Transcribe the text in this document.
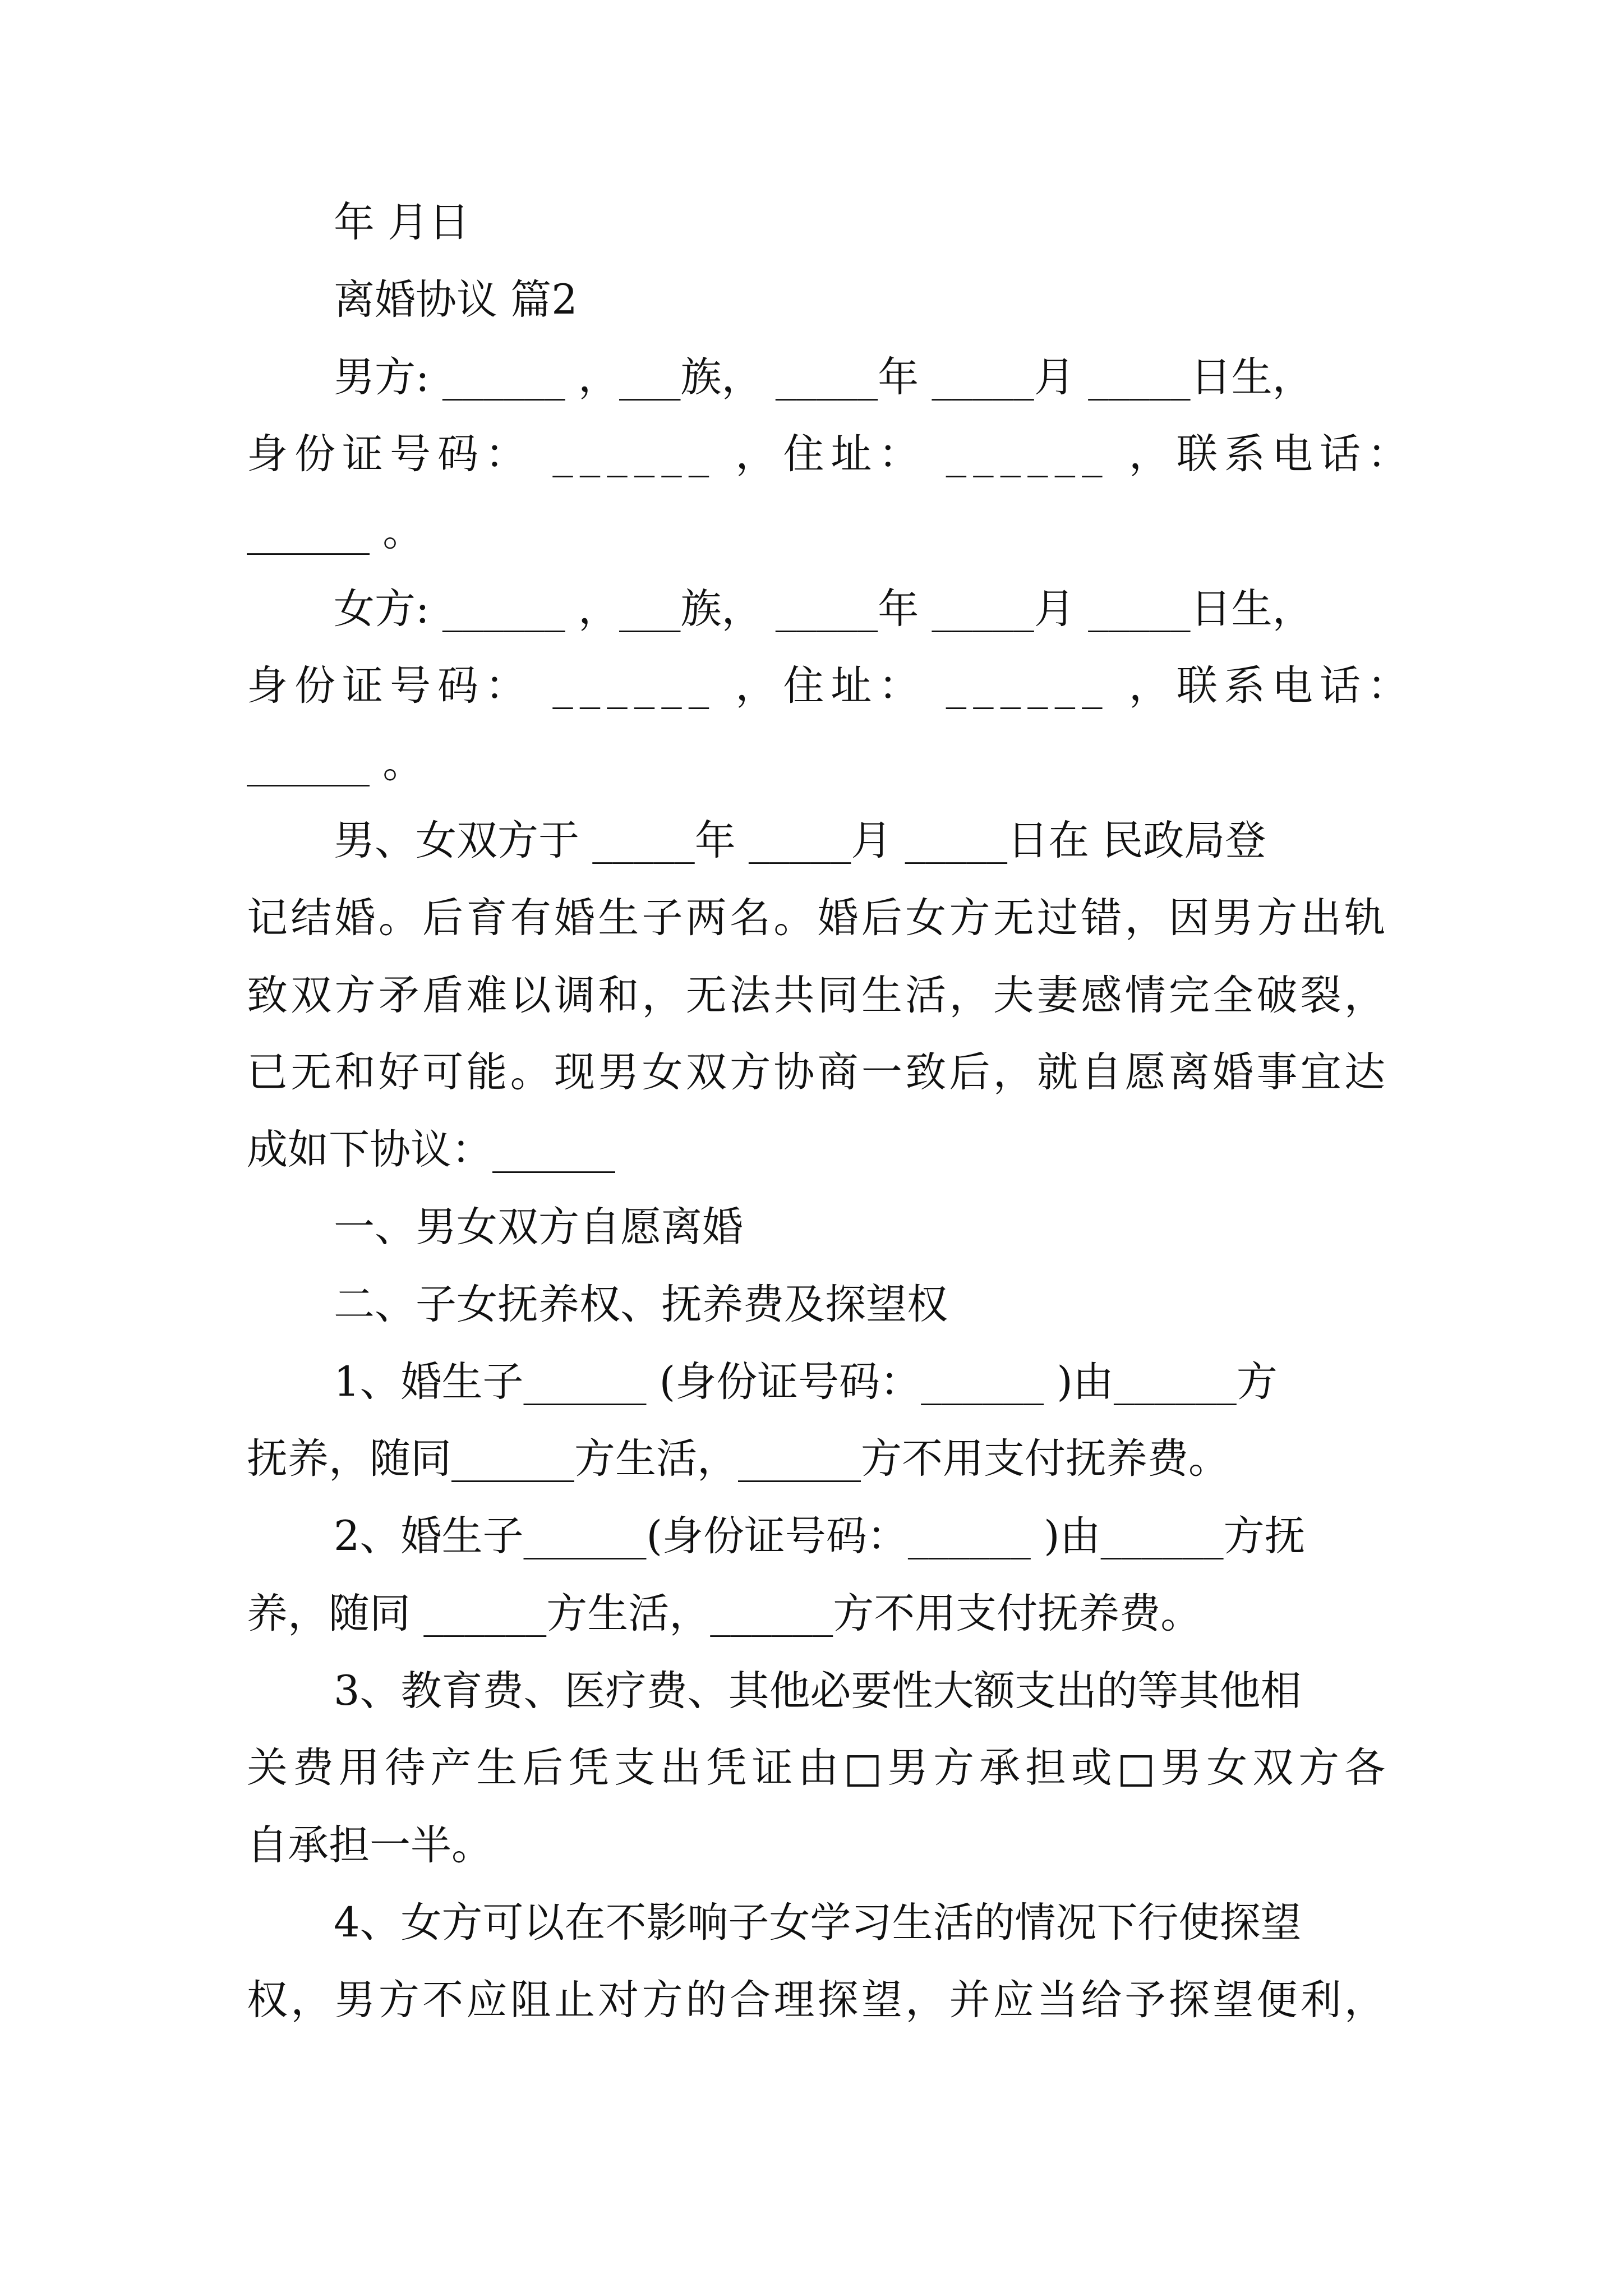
年 月日

离婚协议 篇2

男方: ______ ，___族， _____年 _____月 _____日生，

身份证号码： ______ ，住址： ______ ，联系电话：

______ 。

女方: ______ ，___族， _____年 _____月 _____日生，

身份证号码： ______ ，住址： ______ ，联系电话：

______ 。

男、女双方于 _____年 _____月 _____日在 民政局登

记结婚。后育有婚生子两名。婚后女方无过错，因男方出轨

致双方矛盾难以调和，无法共同生活，夫妻感情完全破裂，

已无和好可能。现男女双方协商一致后，就自愿离婚事宜达

成如下协议：______

一、男女双方自愿离婚

二、子女抚养权、抚养费及探望权

1、婚生子______ (身份证号码：______ )由______方

抚养，随同______方生活，______方不用支付抚养费。

2、婚生子______(身份证号码：______ )由______方抚

养，随同 ______方生活，______方不用支付抚养费。

3、教育费、医疗费、其他必要性大额支出的等其他相

关费用待产生后凭支出凭证由□男方承担或□男女双方各

自承担一半。

4、女方可以在不影响子女学习生活的情况下行使探望

权，男方不应阻止对方的合理探望，并应当给予探望便利，
